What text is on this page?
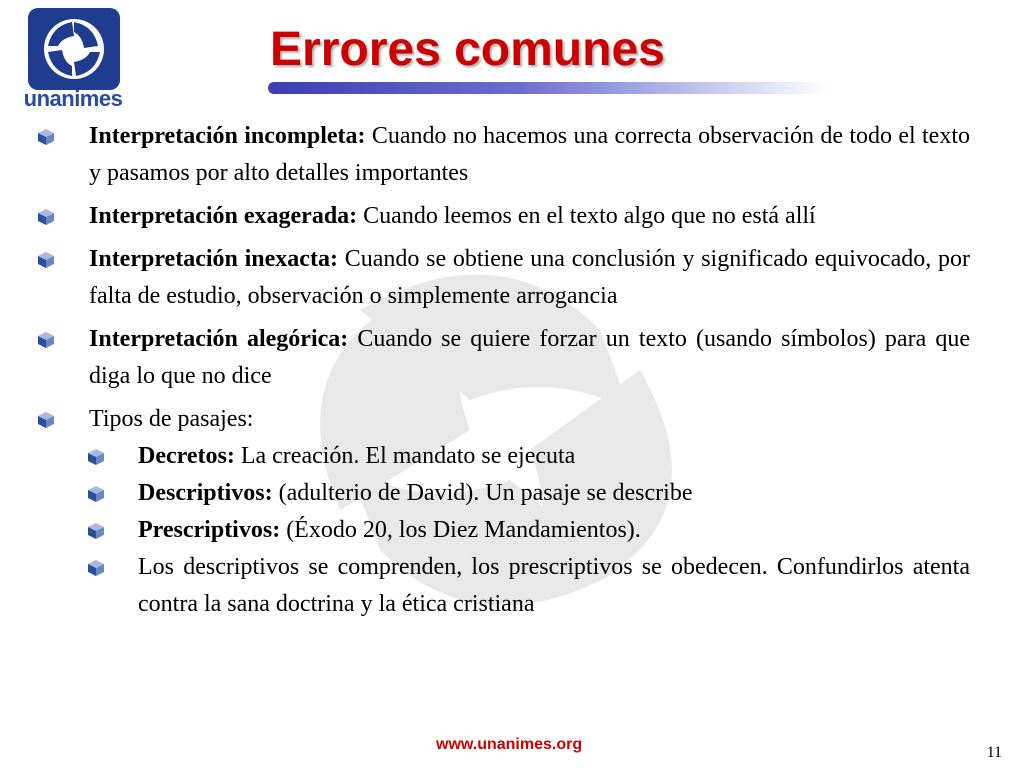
unanimes
Errores comunes
Interpretación incompleta: Cuando no hacemos una correcta observación de todo el texto y pasamos por alto detalles importantes
Interpretación exagerada: Cuando leemos en el texto algo que no está allí
Interpretación inexacta: Cuando se obtiene una conclusión y significado equivocado, por falta de estudio, observación o simplemente arrogancia
Interpretación alegórica: Cuando se quiere forzar un texto (usando símbolos) para que diga lo que no dice
Tipos de pasajes:
Decretos: La creación. El mandato se ejecuta
Descriptivos: (adulterio de David). Un pasaje se describe
Prescriptivos: (Éxodo 20, los Diez Mandamientos).
Los descriptivos se comprenden, los prescriptivos se obedecen. Confundirlos atenta contra la sana doctrina y la ética cristiana
www.unanimes.org	11
